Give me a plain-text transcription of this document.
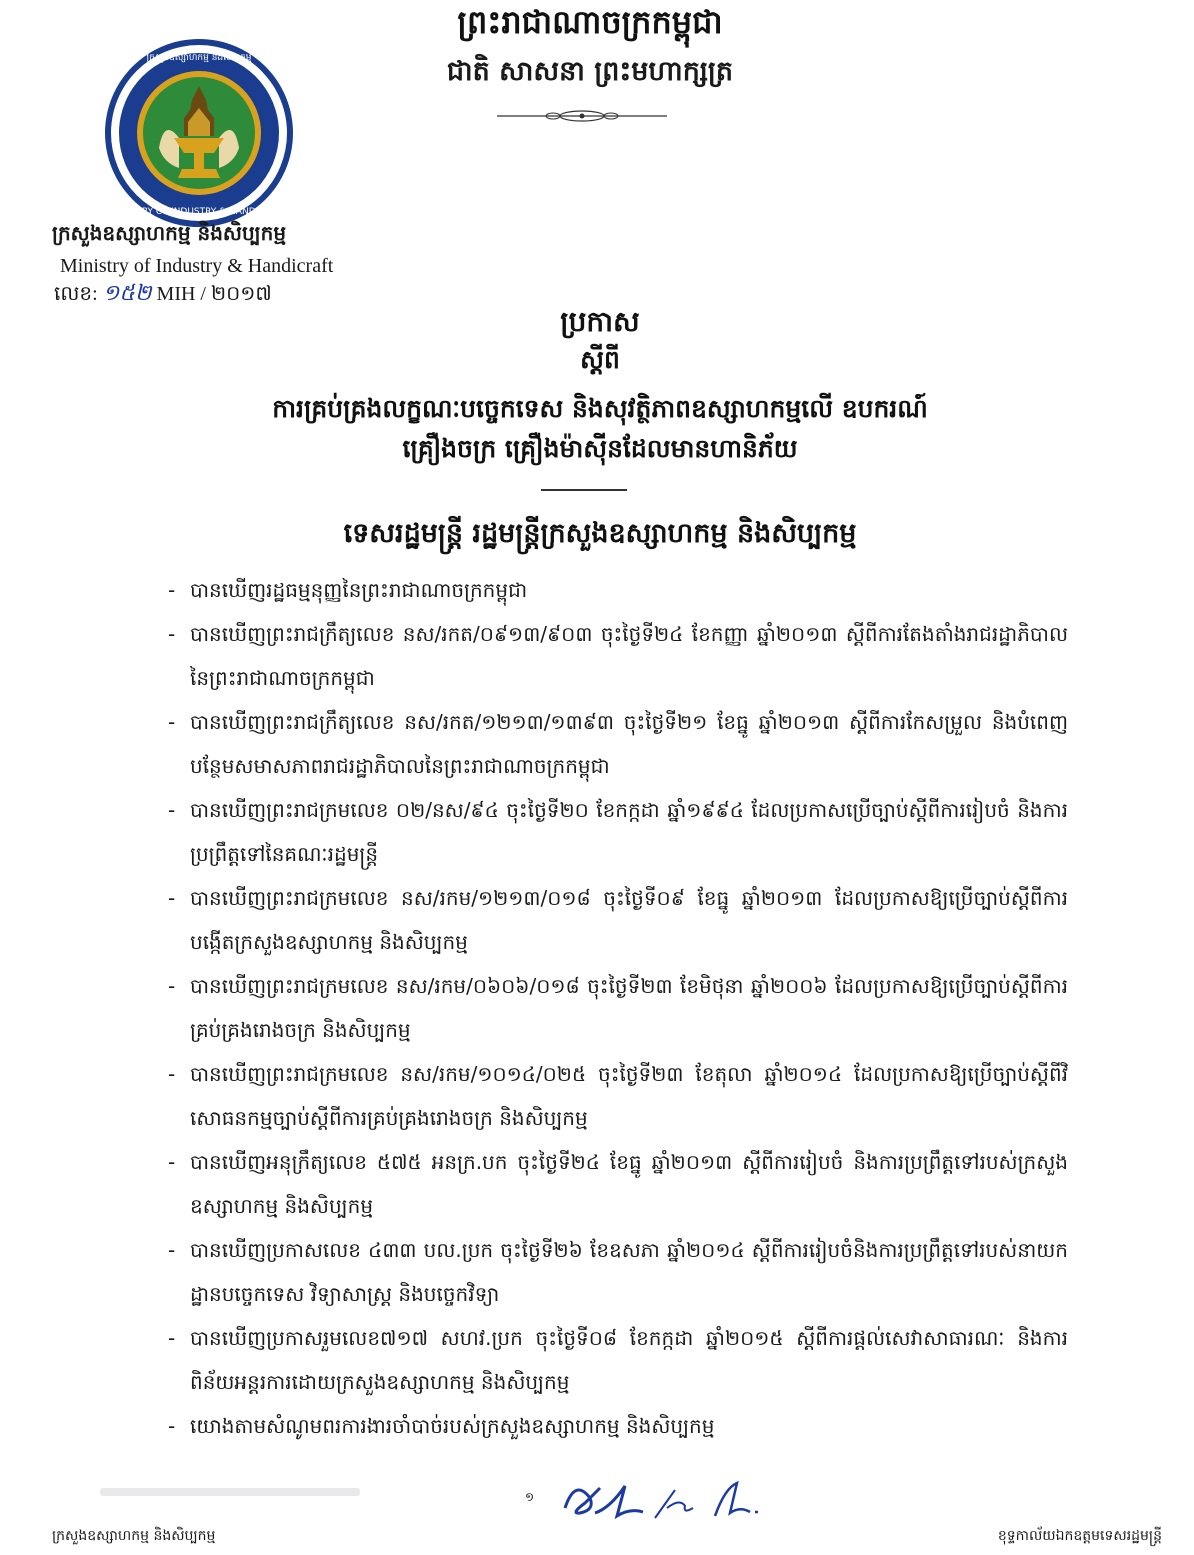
ព្រះរាជាណាចក្រកម្ពុជា
ជាតិ សាសនា ព្រះមហាក្សត្រ
MINISTRY OF INDUSTRY & HANDICRAFT
ក្រសួងឧស្សាហកម្ម និងសិប្បកម្ម
ក្រសួងឧស្សាហកម្ម និងសិប្បកម្ម
Ministry of Industry & Handicraft
លេខ: ១៥២ MIH / ២០១៧
ប្រកាស
ស្តីពី
ការគ្រប់គ្រងលក្ខណៈបច្ចេកទេស និងសុវត្ថិភាពឧស្សាហកម្មលើ ឧបករណ៍
គ្រឿងចក្រ គ្រឿងម៉ាស៊ីនដែលមានហានិភ័យ
ទេសរដ្ឋមន្ត្រី រដ្ឋមន្ត្រីក្រសួងឧស្សាហកម្ម និងសិប្បកម្ម
- បានឃើញរដ្ឋធម្មនុញ្ញនៃព្រះរាជាណាចក្រកម្ពុជា
- បានឃើញព្រះរាជក្រឹត្យលេខ នស/រកត/០៩១៣/៩០៣ ចុះថ្ងៃទី២៤ ខែកញ្ញា ឆ្នាំ២០១៣ ស្តីពីការតែងតាំងរាជរដ្ឋាភិបាល នៃព្រះរាជាណាចក្រកម្ពុជា
- បានឃើញព្រះរាជក្រឹត្យលេខ នស/រកត/១២១៣/១៣៩៣ ចុះថ្ងៃទី២១ ខែធ្នូ ឆ្នាំ២០១៣ ស្តីពីការកែសម្រួល និងបំពេញបន្ថែមសមាសភាពរាជរដ្ឋាភិបាលនៃព្រះរាជាណាចក្រកម្ពុជា
- បានឃើញព្រះរាជក្រមលេខ ០២/នស/៩៤ ចុះថ្ងៃទី២០ ខែកក្កដា ឆ្នាំ១៩៩៤ ដែលប្រកាសប្រើច្បាប់ស្តីពីការរៀបចំ និងការប្រព្រឹត្តទៅនៃគណៈរដ្ឋមន្ត្រី
- បានឃើញព្រះរាជក្រមលេខ នស/រកម/១២១៣/០១៨ ចុះថ្ងៃទី០៩ ខែធ្នូ ឆ្នាំ២០១៣ ដែលប្រកាសឱ្យប្រើច្បាប់ស្តីពីការបង្កើតក្រសួងឧស្សាហកម្ម និងសិប្បកម្ម
- បានឃើញព្រះរាជក្រមលេខ នស/រកម/០៦០៦/០១៨ ចុះថ្ងៃទី២៣ ខែមិថុនា ឆ្នាំ២០០៦ ដែលប្រកាសឱ្យប្រើច្បាប់ស្តីពីការគ្រប់គ្រងរោងចក្រ និងសិប្បកម្ម
- បានឃើញព្រះរាជក្រមលេខ នស/រកម/១០១៤/០២៥ ចុះថ្ងៃទី២៣ ខែតុលា ឆ្នាំ២០១៤ ដែលប្រកាសឱ្យប្រើច្បាប់ស្តីពីវិសោធនកម្មច្បាប់ស្តីពីការគ្រប់គ្រងរោងចក្រ និងសិប្បកម្ម
- បានឃើញអនុក្រឹត្យលេខ ៥៧៥ អនក្រ.បក ចុះថ្ងៃទី២៤ ខែធ្នូ ឆ្នាំ២០១៣ ស្តីពីការរៀបចំ និងការប្រព្រឹត្តទៅរបស់ក្រសួងឧស្សាហកម្ម និងសិប្បកម្ម
- បានឃើញប្រកាសលេខ ៤៣៣ បល.ប្រក ចុះថ្ងៃទី២៦ ខែឧសភា ឆ្នាំ២០១៤ ស្តីពីការរៀបចំនិងការប្រព្រឹត្តទៅរបស់នាយកដ្ឋានបច្ចេកទេស វិទ្យាសាស្ត្រ និងបច្ចេកវិទ្យា
- បានឃើញប្រកាសរួមលេខ៧១៧ សហវ.ប្រក ចុះថ្ងៃទី០៨ ខែកក្កដា ឆ្នាំ២០១៥ ស្តីពីការផ្តល់សេវាសាធារណៈ និងការពិន័យអន្តរការដោយក្រសួងឧស្សាហកម្ម និងសិប្បកម្ម
- យោងតាមសំណូមពរការងារចាំបាច់របស់ក្រសួងឧស្សាហកម្ម និងសិប្បកម្ម
១
ក្រសួងឧស្សាហកម្ម និងសិប្បកម្ម	ខុទ្ទកាល័យឯកឧត្តមទេសរដ្ឋមន្ត្រី
